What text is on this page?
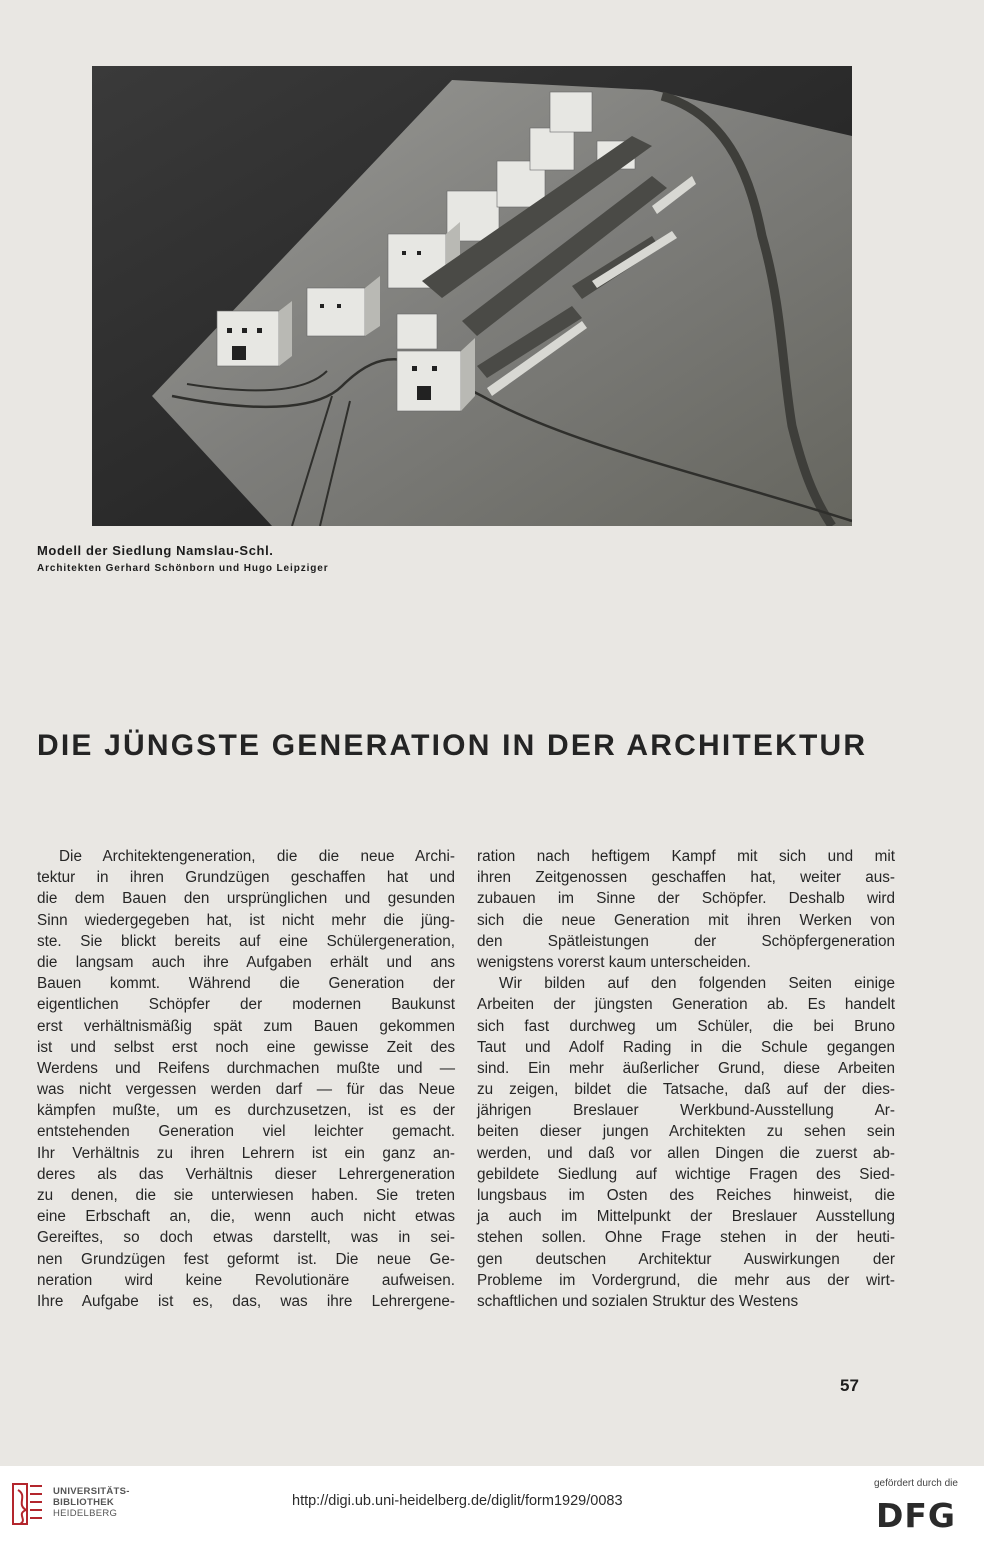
Modell der Siedlung Namslau-Schl.
Architekten Gerhard Schönborn und Hugo Leipziger
DIE JÜNGSTE GENERATION IN DER ARCHITEKTUR
Die Architektengeneration, die die neue Archi-
tektur in ihren Grundzügen geschaffen hat und
die dem Bauen den ursprünglichen und gesunden
Sinn wiedergegeben hat, ist nicht mehr die jüng-
ste. Sie blickt bereits auf eine Schülergeneration,
die langsam auch ihre Aufgaben erhält und ans
Bauen kommt. Während die Generation der
eigentlichen Schöpfer der modernen Baukunst
erst verhältnismäßig spät zum Bauen gekommen
ist und selbst erst noch eine gewisse Zeit des
Werdens und Reifens durchmachen mußte und —
was nicht vergessen werden darf — für das Neue
kämpfen mußte, um es durchzusetzen, ist es der
entstehenden Generation viel leichter gemacht.
Ihr Verhältnis zu ihren Lehrern ist ein ganz an-
deres als das Verhältnis dieser Lehrergeneration
zu denen, die sie unterwiesen haben. Sie treten
eine Erbschaft an, die, wenn auch nicht etwas
Gereiftes, so doch etwas darstellt, was in sei-
nen Grundzügen fest geformt ist. Die neue Ge-
neration wird keine Revolutionäre aufweisen.
Ihre Aufgabe ist es, das, was ihre Lehrergene-
ration nach heftigem Kampf mit sich und mit
ihren Zeitgenossen geschaffen hat, weiter aus-
zubauen im Sinne der Schöpfer. Deshalb wird
sich die neue Generation mit ihren Werken von
den Spätleistungen der Schöpfergeneration
wenigstens vorerst kaum unterscheiden.
Wir bilden auf den folgenden Seiten einige
Arbeiten der jüngsten Generation ab. Es handelt
sich fast durchweg um Schüler, die bei Bruno
Taut und Adolf Rading in die Schule gegangen
sind. Ein mehr äußerlicher Grund, diese Arbeiten
zu zeigen, bildet die Tatsache, daß auf der dies-
jährigen Breslauer Werkbund-Ausstellung Ar-
beiten dieser jungen Architekten zu sehen sein
werden, und daß vor allen Dingen die zuerst ab-
gebildete Siedlung auf wichtige Fragen des Sied-
lungsbaus im Osten des Reiches hinweist, die
ja auch im Mittelpunkt der Breslauer Ausstellung
stehen sollen. Ohne Frage stehen in der heuti-
gen deutschen Architektur Auswirkungen der
Probleme im Vordergrund, die mehr aus der wirt-
schaftlichen und sozialen Struktur des Westens
57
UNIVERSITÄTS-
BIBLIOTHEK
HEIDELBERG
http://digi.ub.uni-heidelberg.de/diglit/form1929/0083
gefördert durch die
DFG
